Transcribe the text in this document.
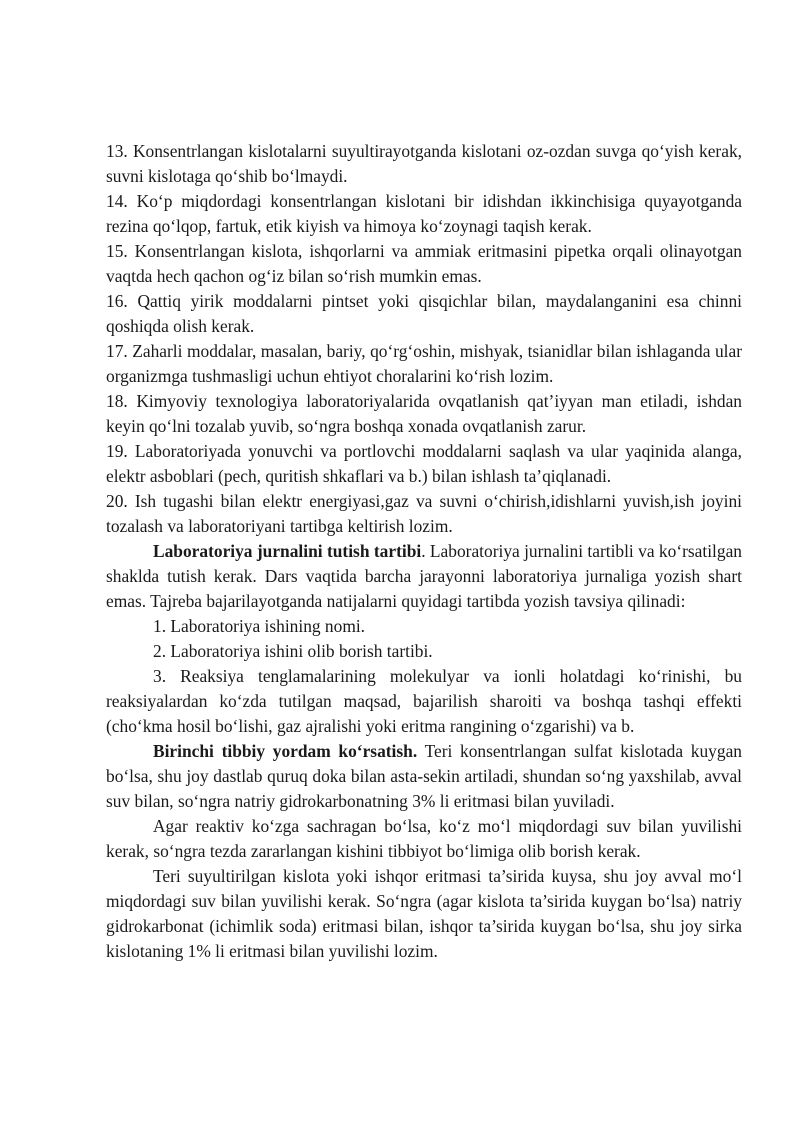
13. Konsentrlangan kislotalarni suyultirayotganda kislotani oz-ozdan suvga qo‘yish kerak, suvni kislotaga qo‘shib bo‘lmaydi.

14. Ko‘p miqdordagi konsentrlangan kislotani bir idishdan ikkinchisiga quyayotganda rezina qo‘lqop, fartuk, etik kiyish va himoya ko‘zoynagi taqish kerak.

15. Konsentrlangan kislota, ishqorlarni va ammiak eritmasini pipetka orqali olinayotgan vaqtda hech qachon og‘iz bilan so‘rish mumkin emas.

16. Qattiq yirik moddalarni pintset yoki qisqichlar bilan, maydalanganini esa chinni qoshiqda olish kerak.

17. Zaharli moddalar, masalan, bariy, qo‘rg‘oshin, mishyak, tsianidlar bilan ishlaganda ular organizmga tushmasligi uchun ehtiyot choralarini ko‘rish lozim.

18. Kimyoviy texnologiya laboratoriyalarida ovqatlanish qat’iyyan man etiladi, ishdan keyin qo‘lni tozalab yuvib, so‘ngra boshqa xonada ovqatlanish zarur.

19. Laboratoriyada yonuvchi va portlovchi moddalarni saqlash va ular yaqinida alanga, elektr asboblari (pech, quritish shkaflari va b.) bilan ishlash ta’qiqlanadi.

20. Ish tugashi bilan elektr energiyasi,gaz va suvni o‘chirish,idishlarni yuvish,ish joyini tozalash va laboratoriyani tartibga keltirish lozim.

Laboratoriya jurnalini tutish tartibi. Laboratoriya jurnalini tartibli va ko‘rsatilgan shaklda tutish kerak. Dars vaqtida barcha jarayonni laboratoriya jurnaliga yozish shart emas. Tajreba bajarilayotganda natijalarni quyidagi tartibda yozish tavsiya qilinadi:

1. Laboratoriya ishining nomi.

2. Laboratoriya ishini olib borish tartibi.

3. Reaksiya tenglamalarining molekulyar va ionli holatdagi ko‘rinishi, bu reaksiyalardan ko‘zda tutilgan maqsad, bajarilish sharoiti va boshqa tashqi effekti (cho‘kma hosil bo‘lishi, gaz ajralishi yoki eritma rangining o‘zgarishi) va b.

Birinchi tibbiy yordam ko‘rsatish. Teri konsentrlangan sulfat kislotada kuygan bo‘lsa, shu joy dastlab quruq doka bilan asta-sekin artiladi, shundan so‘ng yaxshilab, avval suv bilan, so‘ngra natriy gidrokarbonatning 3% li eritmasi bilan yuviladi.

Agar reaktiv ko‘zga sachragan bo‘lsa, ko‘z mo‘l miqdordagi suv bilan yuvilishi kerak, so‘ngra tezda zararlangan kishini tibbiyot bo‘limiga olib borish kerak.

Teri suyultirilgan kislota yoki ishqor eritmasi ta’sirida kuysa, shu joy avval mo‘l miqdordagi suv bilan yuvilishi kerak. So‘ngra (agar kislota ta’sirida kuygan bo‘lsa) natriy gidrokarbonat (ichimlik soda) eritmasi bilan, ishqor ta’sirida kuygan bo‘lsa, shu joy sirka kislotaning 1% li eritmasi bilan yuvilishi lozim.
